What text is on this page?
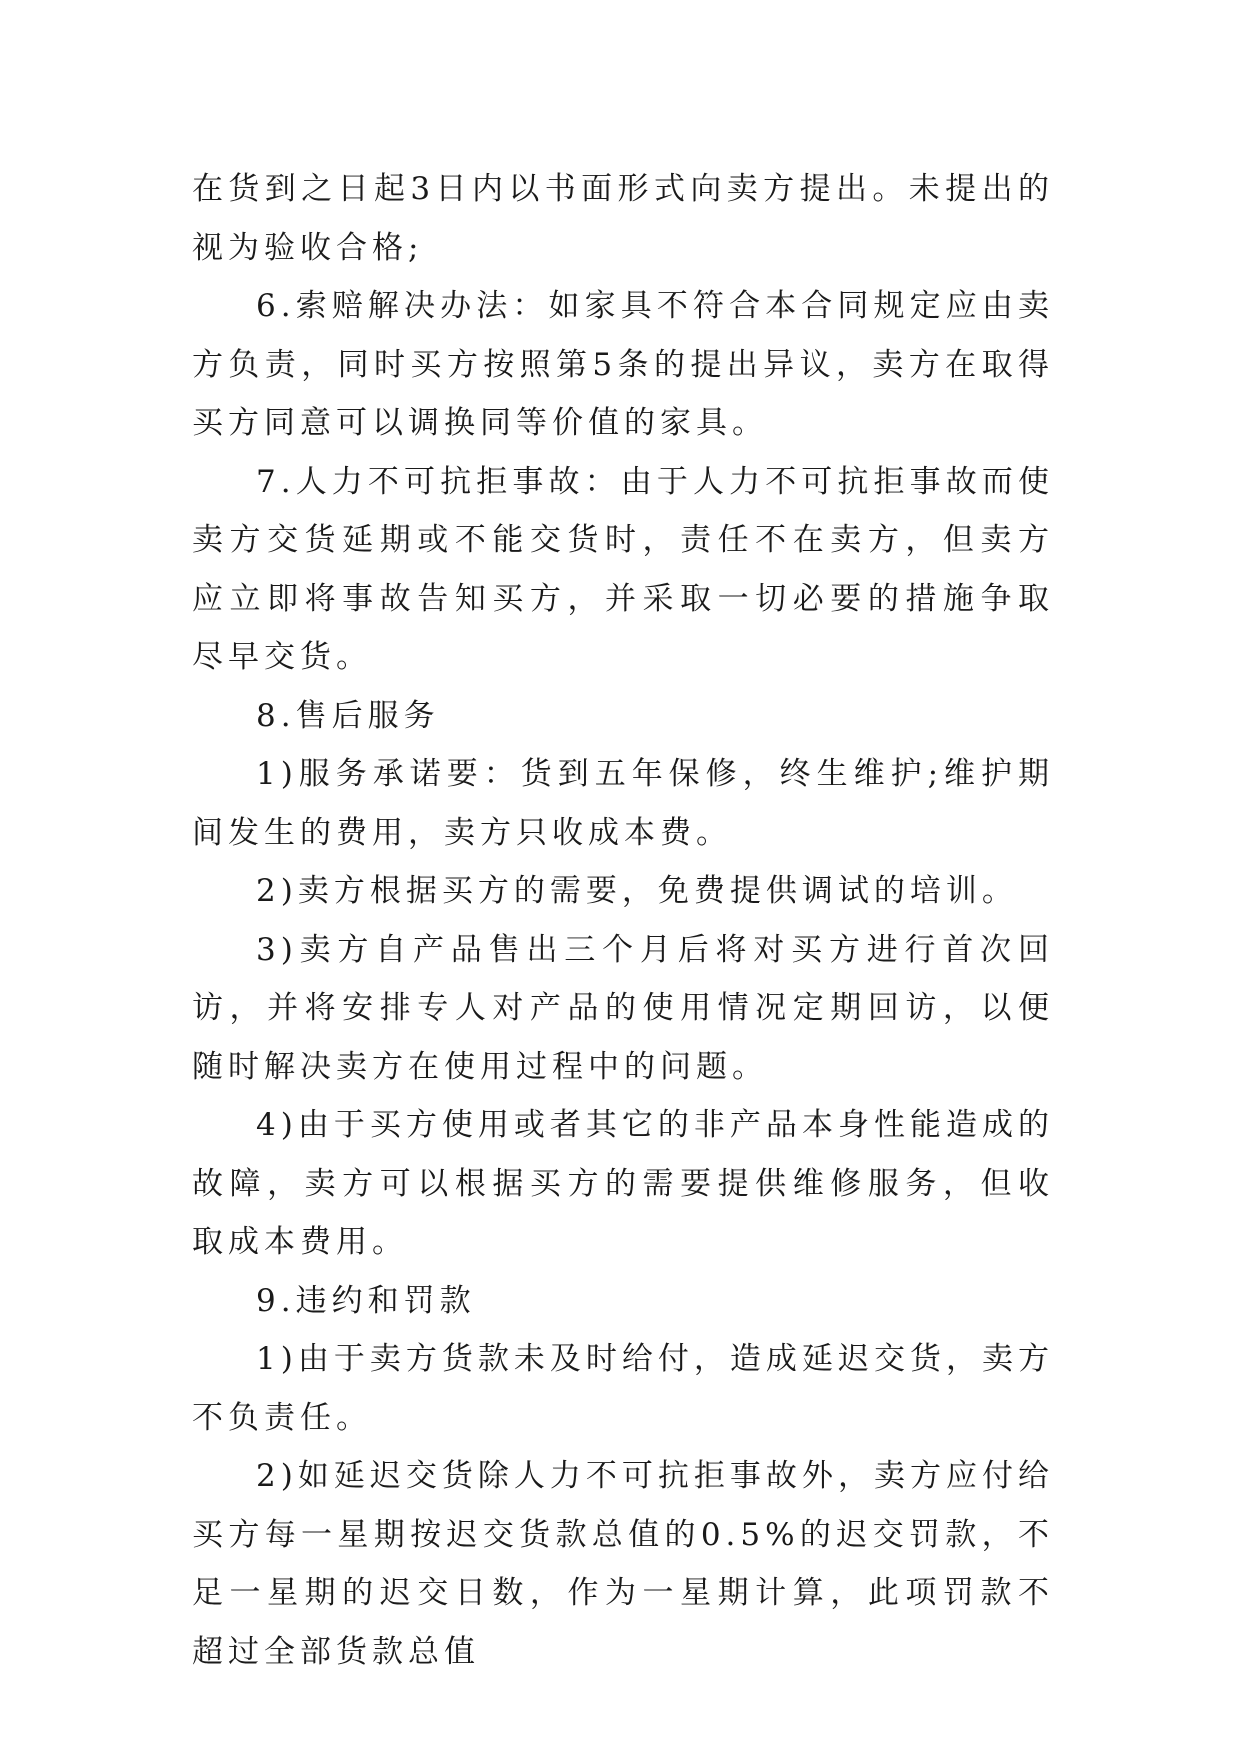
在货到之日起3日内以书面形式向卖方提出。未提出的视为验收合格;

6.索赔解决办法：如家具不符合本合同规定应由卖方负责，同时买方按照第5条的提出异议，卖方在取得买方同意可以调换同等价值的家具。

7.人力不可抗拒事故：由于人力不可抗拒事故而使卖方交货延期或不能交货时，责任不在卖方，但卖方应立即将事故告知买方，并采取一切必要的措施争取尽早交货。

8.售后服务

1)服务承诺要：货到五年保修，终生维护;维护期间发生的费用，卖方只收成本费。

2)卖方根据买方的需要，免费提供调试的培训。

3)卖方自产品售出三个月后将对买方进行首次回访，并将安排专人对产品的使用情况定期回访，以便随时解决卖方在使用过程中的问题。

4)由于买方使用或者其它的非产品本身性能造成的故障，卖方可以根据买方的需要提供维修服务，但收取成本费用。

9.违约和罚款

1)由于卖方货款未及时给付，造成延迟交货，卖方不负责任。

2)如延迟交货除人力不可抗拒事故外，卖方应付给买方每一星期按迟交货款总值的0.5%的迟交罚款，不足一星期的迟交日数，作为一星期计算，此项罚款不超过全部货款总值
